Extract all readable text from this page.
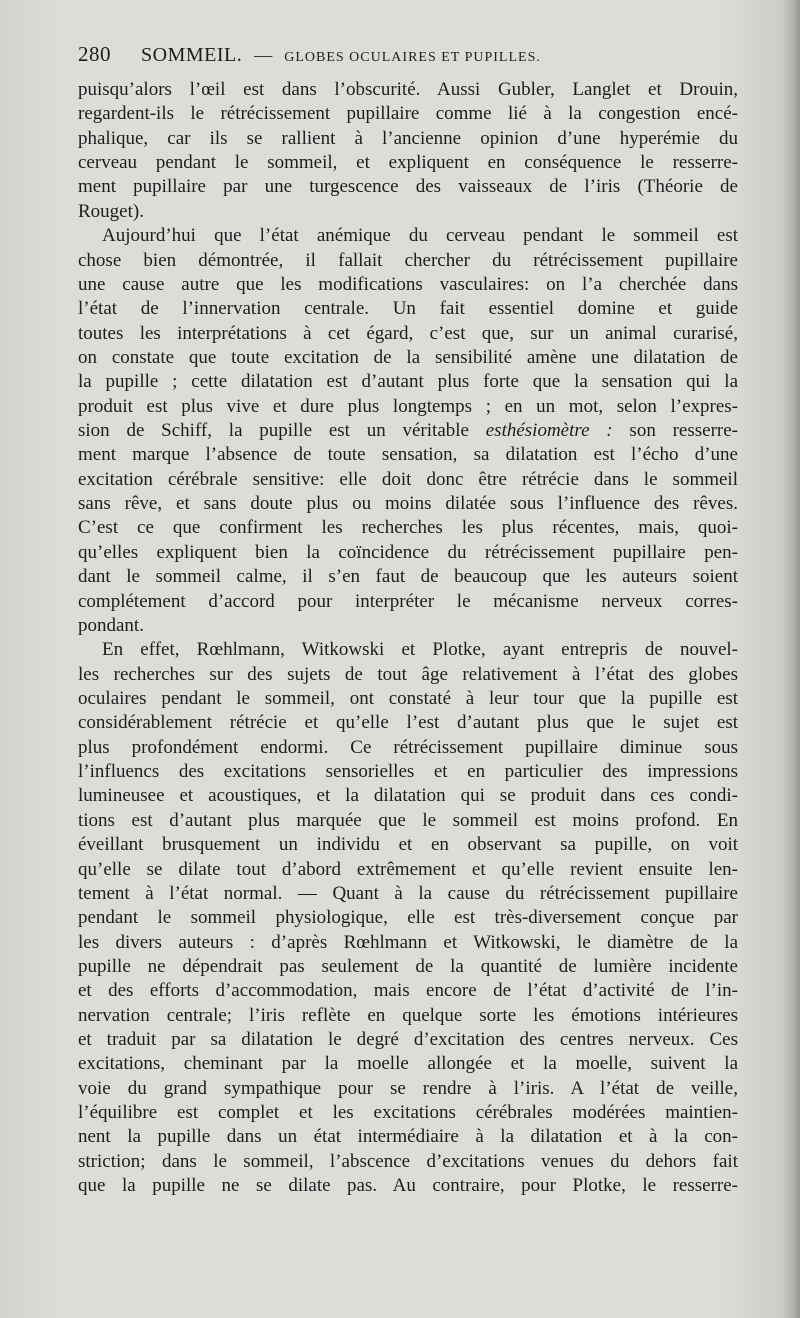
280 SOMMEIL. — GLOBES OCULAIRES ET PUPILLES.
puisqu’alors l’œil est dans l’obscurité. Aussi Gubler, Langlet et Drouin,
regardent-ils le rétrécissement pupillaire comme lié à la congestion encé-
phalique, car ils se rallient à l’ancienne opinion d’une hyperémie du
cerveau pendant le sommeil, et expliquent en conséquence le resserre-
ment pupillaire par une turgescence des vaisseaux de l’iris (Théorie de
Rouget).
Aujourd’hui que l’état anémique du cerveau pendant le sommeil est
chose bien démontrée, il fallait chercher du rétrécissement pupillaire
une cause autre que les modifications vasculaires: on l’a cherchée dans
l’état de l’innervation centrale. Un fait essentiel domine et guide
toutes les interprétations à cet égard, c’est que, sur un animal curarisé,
on constate que toute excitation de la sensibilité amène une dilatation de
la pupille ; cette dilatation est d’autant plus forte que la sensation qui la
produit est plus vive et dure plus longtemps ; en un mot, selon l’expres-
sion de Schiff, la pupille est un véritable esthésiomètre : son resserre-
ment marque l’absence de toute sensation, sa dilatation est l’écho d’une
excitation cérébrale sensitive: elle doit donc être rétrécie dans le sommeil
sans rêve, et sans doute plus ou moins dilatée sous l’influence des rêves.
C’est ce que confirment les recherches les plus récentes, mais, quoi-
qu’elles expliquent bien la coïncidence du rétrécissement pupillaire pen-
dant le sommeil calme, il s’en faut de beaucoup que les auteurs soient
complétement d’accord pour interpréter le mécanisme nerveux corres-
pondant.
En effet, Rœhlmann, Witkowski et Plotke, ayant entrepris de nouvel-
les recherches sur des sujets de tout âge relativement à l’état des globes
oculaires pendant le sommeil, ont constaté à leur tour que la pupille est
considérablement rétrécie et qu’elle l’est d’autant plus que le sujet est
plus profondément endormi. Ce rétrécissement pupillaire diminue sous
l’influencs des excitations sensorielles et en particulier des impressions
lumineusee et acoustiques, et la dilatation qui se produit dans ces condi-
tions est d’autant plus marquée que le sommeil est moins profond. En
éveillant brusquement un individu et en observant sa pupille, on voit
qu’elle se dilate tout d’abord extrêmement et qu’elle revient ensuite len-
tement à l’état normal. — Quant à la cause du rétrécissement pupillaire
pendant le sommeil physiologique, elle est très-diversement conçue par
les divers auteurs : d’après Rœhlmann et Witkowski, le diamètre de la
pupille ne dépendrait pas seulement de la quantité de lumière incidente
et des efforts d’accommodation, mais encore de l’état d’activité de l’in-
nervation centrale; l’iris reflète en quelque sorte les émotions intérieures
et traduit par sa dilatation le degré d’excitation des centres nerveux. Ces
excitations, cheminant par la moelle allongée et la moelle, suivent la
voie du grand sympathique pour se rendre à l’iris. A l’état de veille,
l’équilibre est complet et les excitations cérébrales modérées maintien-
nent la pupille dans un état intermédiaire à la dilatation et à la con-
striction; dans le sommeil, l’abscence d’excitations venues du dehors fait
que la pupille ne se dilate pas. Au contraire, pour Plotke, le resserre-
